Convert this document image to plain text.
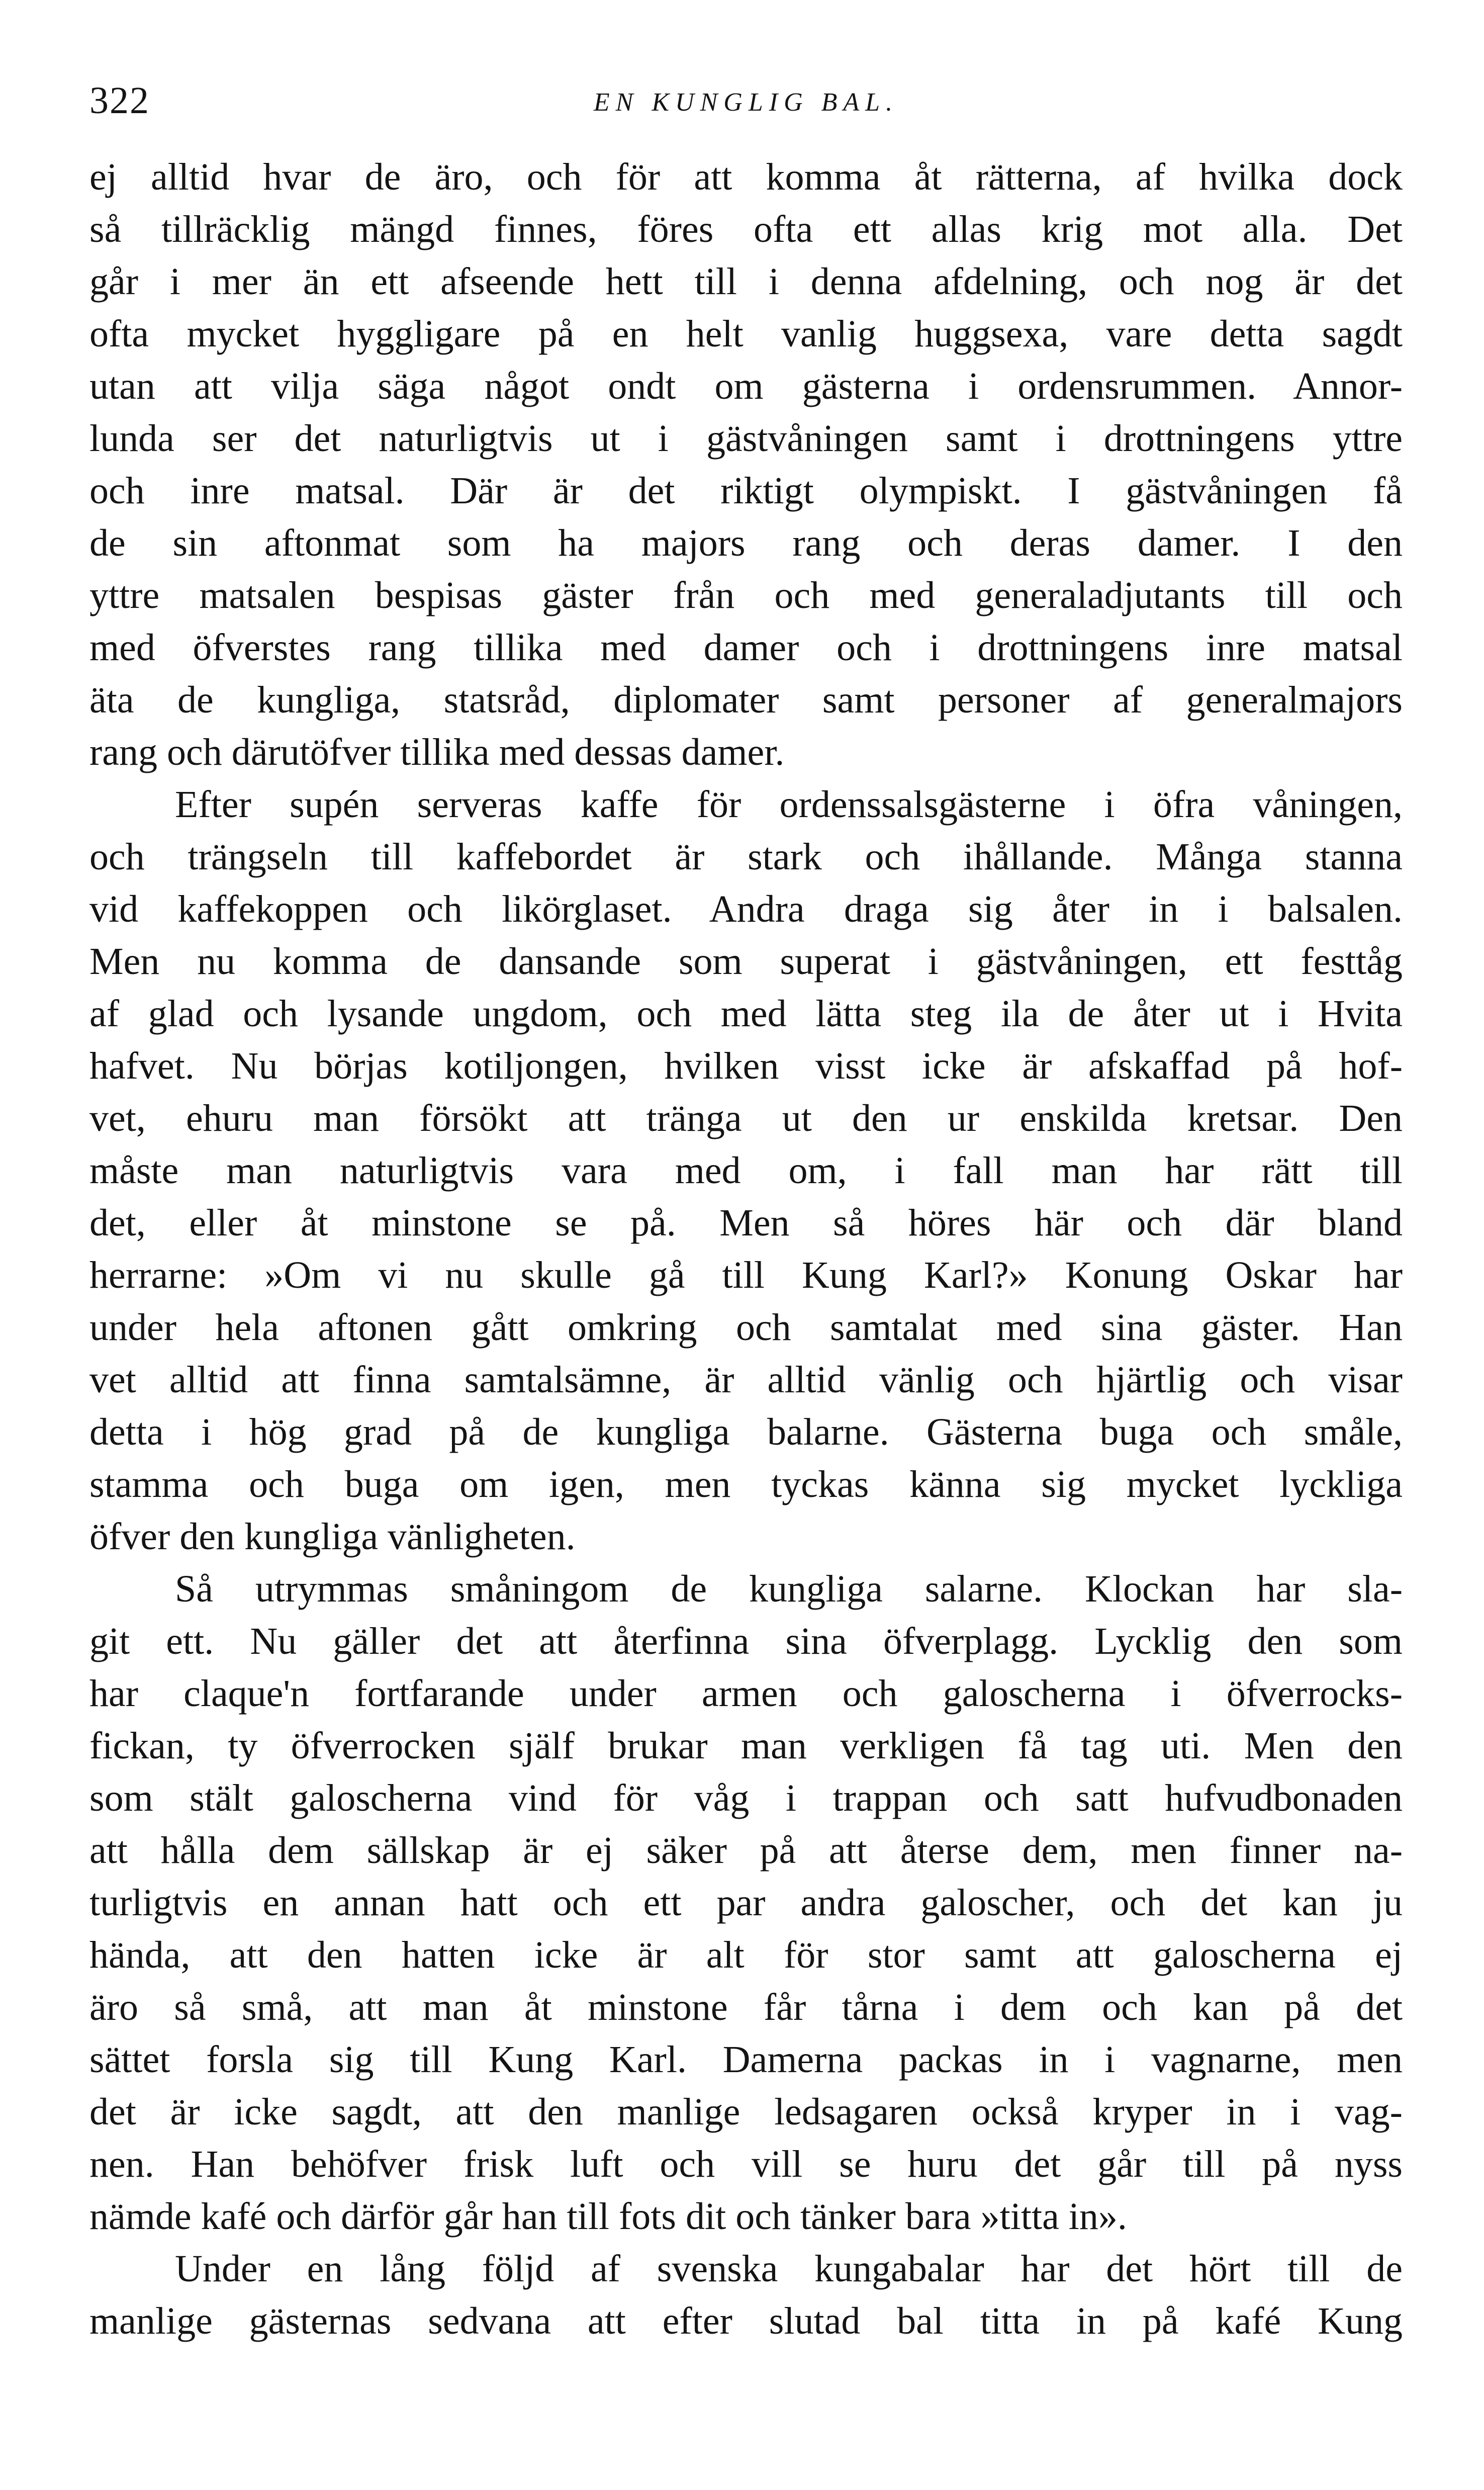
322	EN KUNGLIG BAL.
ej alltid hvar de äro, och för att komma åt rätterna, af hvilka dock
så tillräcklig mängd finnes, föres ofta ett allas krig mot alla. Det
går i mer än ett afseende hett till i denna afdelning, och nog är det
ofta mycket hyggligare på en helt vanlig huggsexa, vare detta sagdt
utan att vilja säga något ondt om gästerna i ordensrummen. Annor-
lunda ser det naturligtvis ut i gästvåningen samt i drottningens yttre
och inre matsal. Där är det riktigt olympiskt. I gästvåningen få
de sin aftonmat som ha majors rang och deras damer. I den
yttre matsalen bespisas gäster från och med generaladjutants till och
med öfverstes rang tillika med damer och i drottningens inre matsal
äta de kungliga, statsråd, diplomater samt personer af generalmajors
rang och därutöfver tillika med dessas damer.
Efter supén serveras kaffe för ordenssalsgästerne i öfra våningen,
och trängseln till kaffebordet är stark och ihållande. Många stanna
vid kaffekoppen och likörglaset. Andra draga sig åter in i balsalen.
Men nu komma de dansande som superat i gästvåningen, ett festtåg
af glad och lysande ungdom, och med lätta steg ila de åter ut i Hvita
hafvet. Nu börjas kotiljongen, hvilken visst icke är afskaffad på hof-
vet, ehuru man försökt att tränga ut den ur enskilda kretsar. Den
måste man naturligtvis vara med om, i fall man har rätt till
det, eller åt minstone se på. Men så höres här och där bland
herrarne: »Om vi nu skulle gå till Kung Karl?» Konung Oskar har
under hela aftonen gått omkring och samtalat med sina gäster. Han
vet alltid att finna samtalsämne, är alltid vänlig och hjärtlig och visar
detta i hög grad på de kungliga balarne. Gästerna buga och småle,
stamma och buga om igen, men tyckas känna sig mycket lyckliga
öfver den kungliga vänligheten.
Så utrymmas småningom de kungliga salarne. Klockan har sla-
git ett. Nu gäller det att återfinna sina öfverplagg. Lycklig den som
har claque'n fortfarande under armen och galoscherna i öfverrocks-
fickan, ty öfverrocken själf brukar man verkligen få tag uti. Men den
som stält galoscherna vind för våg i trappan och satt hufvudbonaden
att hålla dem sällskap är ej säker på att återse dem, men finner na-
turligtvis en annan hatt och ett par andra galoscher, och det kan ju
hända, att den hatten icke är alt för stor samt att galoscherna ej
äro så små, att man åt minstone får tårna i dem och kan på det
sättet forsla sig till Kung Karl. Damerna packas in i vagnarne, men
det är icke sagdt, att den manlige ledsagaren också kryper in i vag-
nen. Han behöfver frisk luft och vill se huru det går till på nyss
nämde kafé och därför går han till fots dit och tänker bara »titta in».
Under en lång följd af svenska kungabalar har det hört till de
manlige gästernas sedvana att efter slutad bal titta in på kafé Kung
